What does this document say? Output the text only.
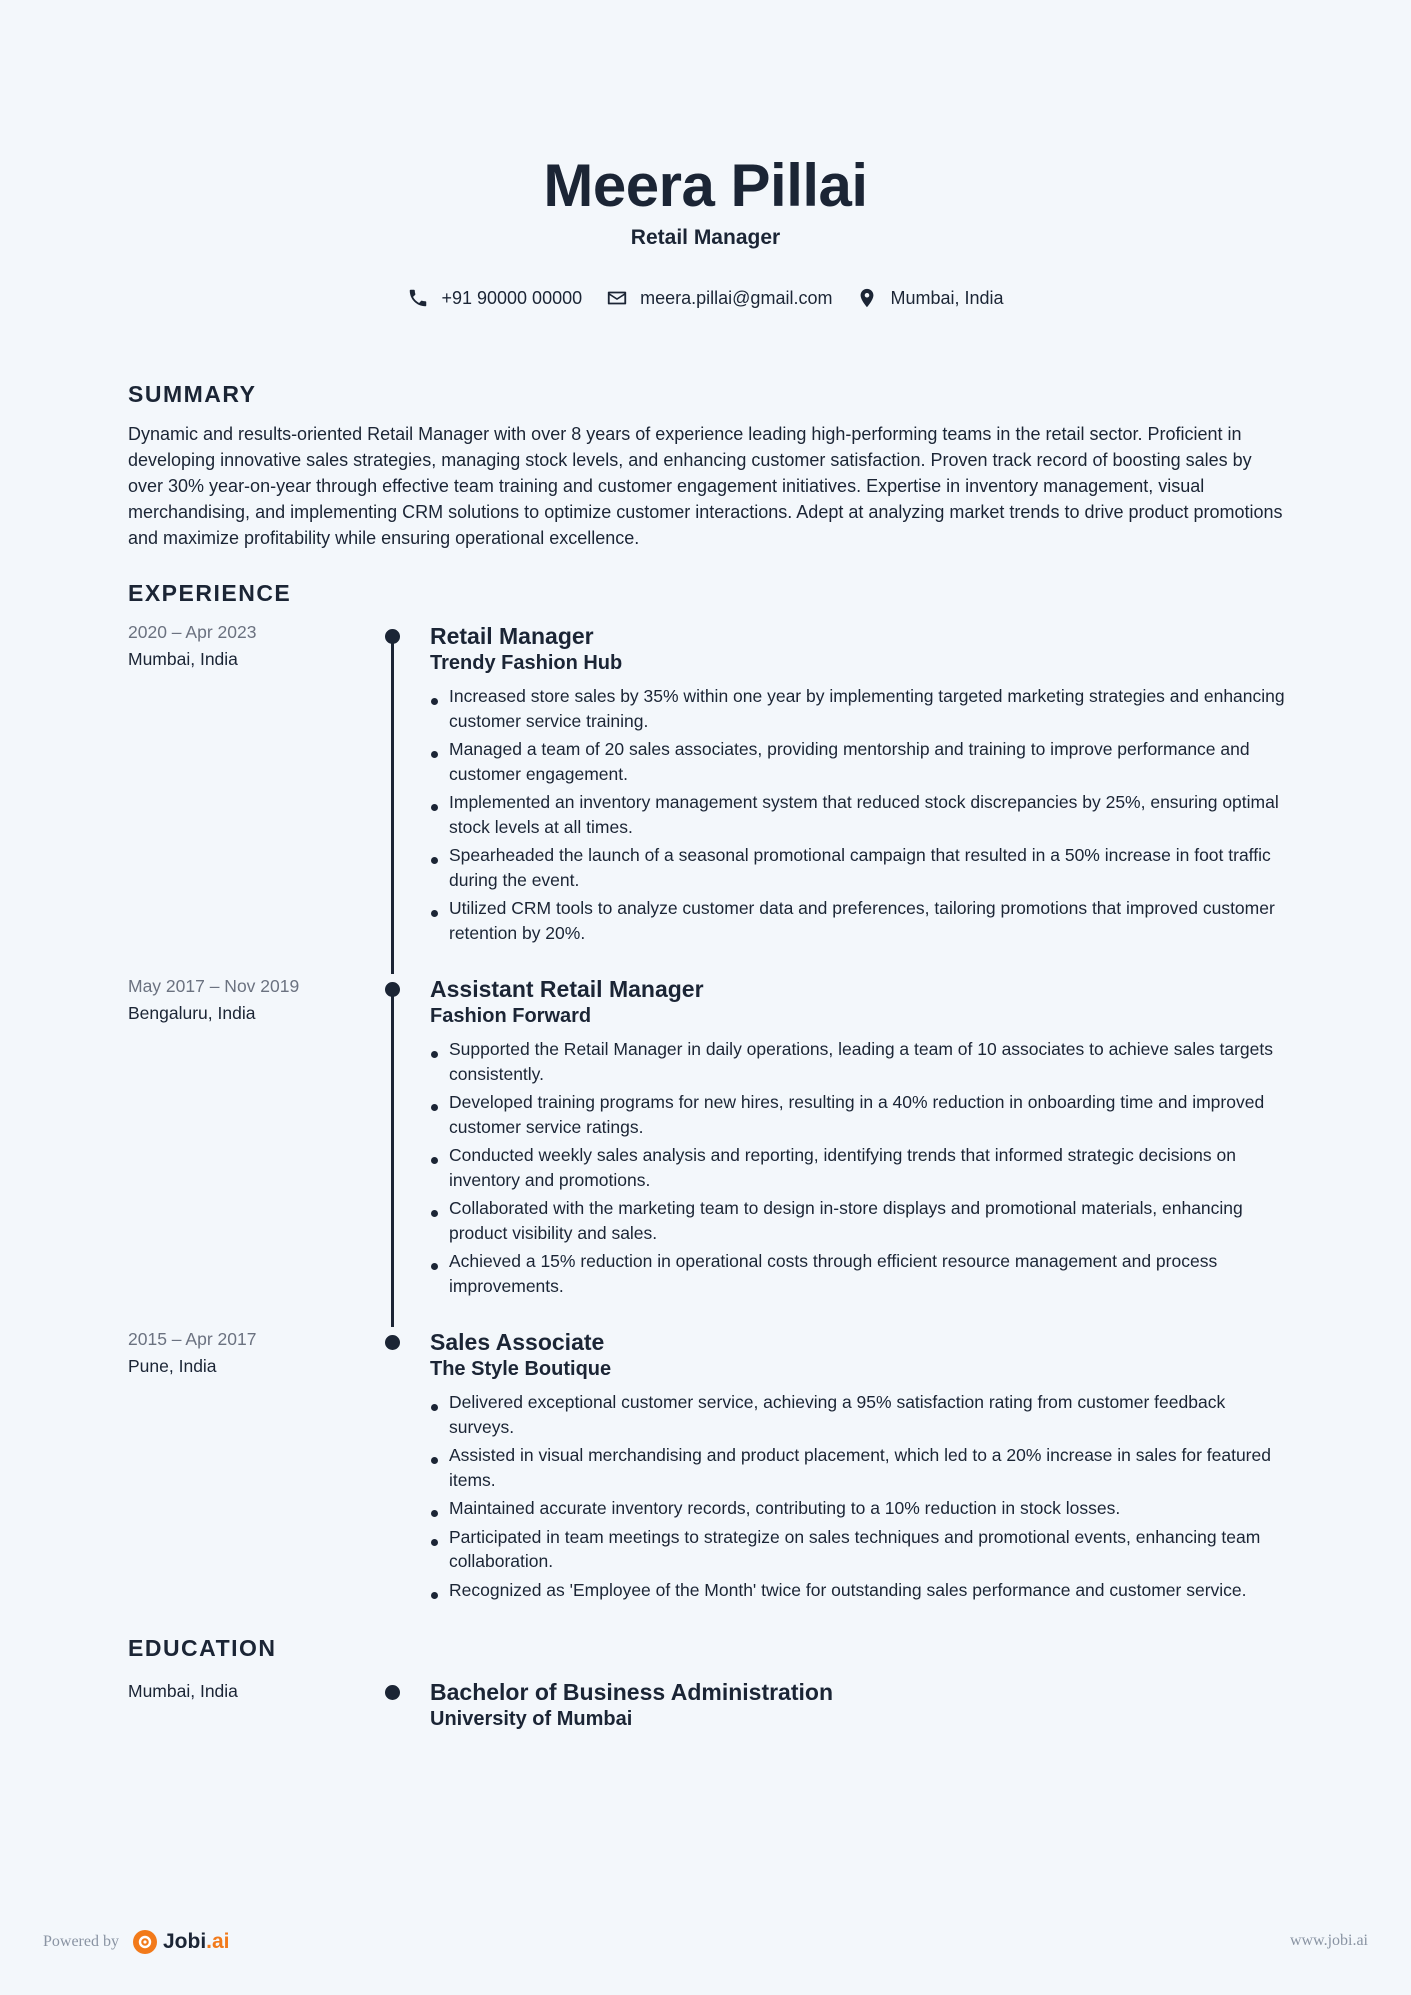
Meera Pillai
Retail Manager
+91 90000 00000	meera.pillai@gmail.com	Mumbai, India
SUMMARY
Dynamic and results-oriented Retail Manager with over 8 years of experience leading high-performing teams in the retail sector. Proficient in developing innovative sales strategies, managing stock levels, and enhancing customer satisfaction. Proven track record of boosting sales by over 30% year-on-year through effective team training and customer engagement initiatives. Expertise in inventory management, visual merchandising, and implementing CRM solutions to optimize customer interactions. Adept at analyzing market trends to drive product promotions and maximize profitability while ensuring operational excellence.
EXPERIENCE
2020 – Apr 2023
Mumbai, India
Retail Manager
Trendy Fashion Hub
Increased store sales by 35% within one year by implementing targeted marketing strategies and enhancing customer service training.
Managed a team of 20 sales associates, providing mentorship and training to improve performance and customer engagement.
Implemented an inventory management system that reduced stock discrepancies by 25%, ensuring optimal stock levels at all times.
Spearheaded the launch of a seasonal promotional campaign that resulted in a 50% increase in foot traffic during the event.
Utilized CRM tools to analyze customer data and preferences, tailoring promotions that improved customer retention by 20%.
May 2017 – Nov 2019
Bengaluru, India
Assistant Retail Manager
Fashion Forward
Supported the Retail Manager in daily operations, leading a team of 10 associates to achieve sales targets consistently.
Developed training programs for new hires, resulting in a 40% reduction in onboarding time and improved customer service ratings.
Conducted weekly sales analysis and reporting, identifying trends that informed strategic decisions on inventory and promotions.
Collaborated with the marketing team to design in-store displays and promotional materials, enhancing product visibility and sales.
Achieved a 15% reduction in operational costs through efficient resource management and process improvements.
2015 – Apr 2017
Pune, India
Sales Associate
The Style Boutique
Delivered exceptional customer service, achieving a 95% satisfaction rating from customer feedback surveys.
Assisted in visual merchandising and product placement, which led to a 20% increase in sales for featured items.
Maintained accurate inventory records, contributing to a 10% reduction in stock losses.
Participated in team meetings to strategize on sales techniques and promotional events, enhancing team collaboration.
Recognized as 'Employee of the Month' twice for outstanding sales performance and customer service.
EDUCATION
Mumbai, India	Bachelor of Business Administration
University of Mumbai
Powered by Jobi.ai	www.jobi.ai
